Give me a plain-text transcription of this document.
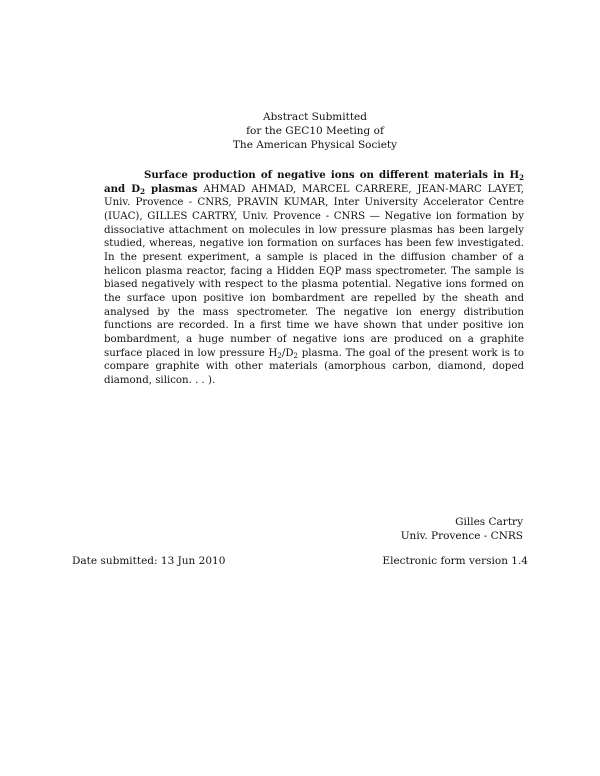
Abstract Submitted
for the GEC10 Meeting of
The American Physical Society
Surface production of negative ions on different materials in $H_2$ and $D_2$ plasmas AHMAD AHMAD, MARCEL CARRERE, JEAN-MARC LAYET, Univ. Provence - CNRS, PRAVIN KUMAR, Inter University Accelerator Centre (IUAC), GILLES CARTRY, Univ. Provence - CNRS — Negative ion formation by dissociative attachment on molecules in low pressure plasmas has been largely studied, whereas, negative ion formation on surfaces has been few investigated. In the present experiment, a sample is placed in the diffusion chamber of a helicon plasma reactor, facing a Hidden EQP mass spectrometer. The sample is biased negatively with respect to the plasma potential. Negative ions formed on the surface upon positive ion bombardment are repelled by the sheath and analysed by the mass spectrometer. The negative ion energy distribution functions are recorded. In a first time we have shown that under positive ion bombardment, a huge number of negative ions are produced on a graphite surface placed in low pressure $H_2/D_2$ plasma. The goal of the present work is to compare graphite with other materials (amorphous carbon, diamond, doped diamond, silicon. . . ).
Gilles Cartry
Univ. Provence - CNRS
Date submitted: 13 Jun 2010	Electronic form version 1.4
